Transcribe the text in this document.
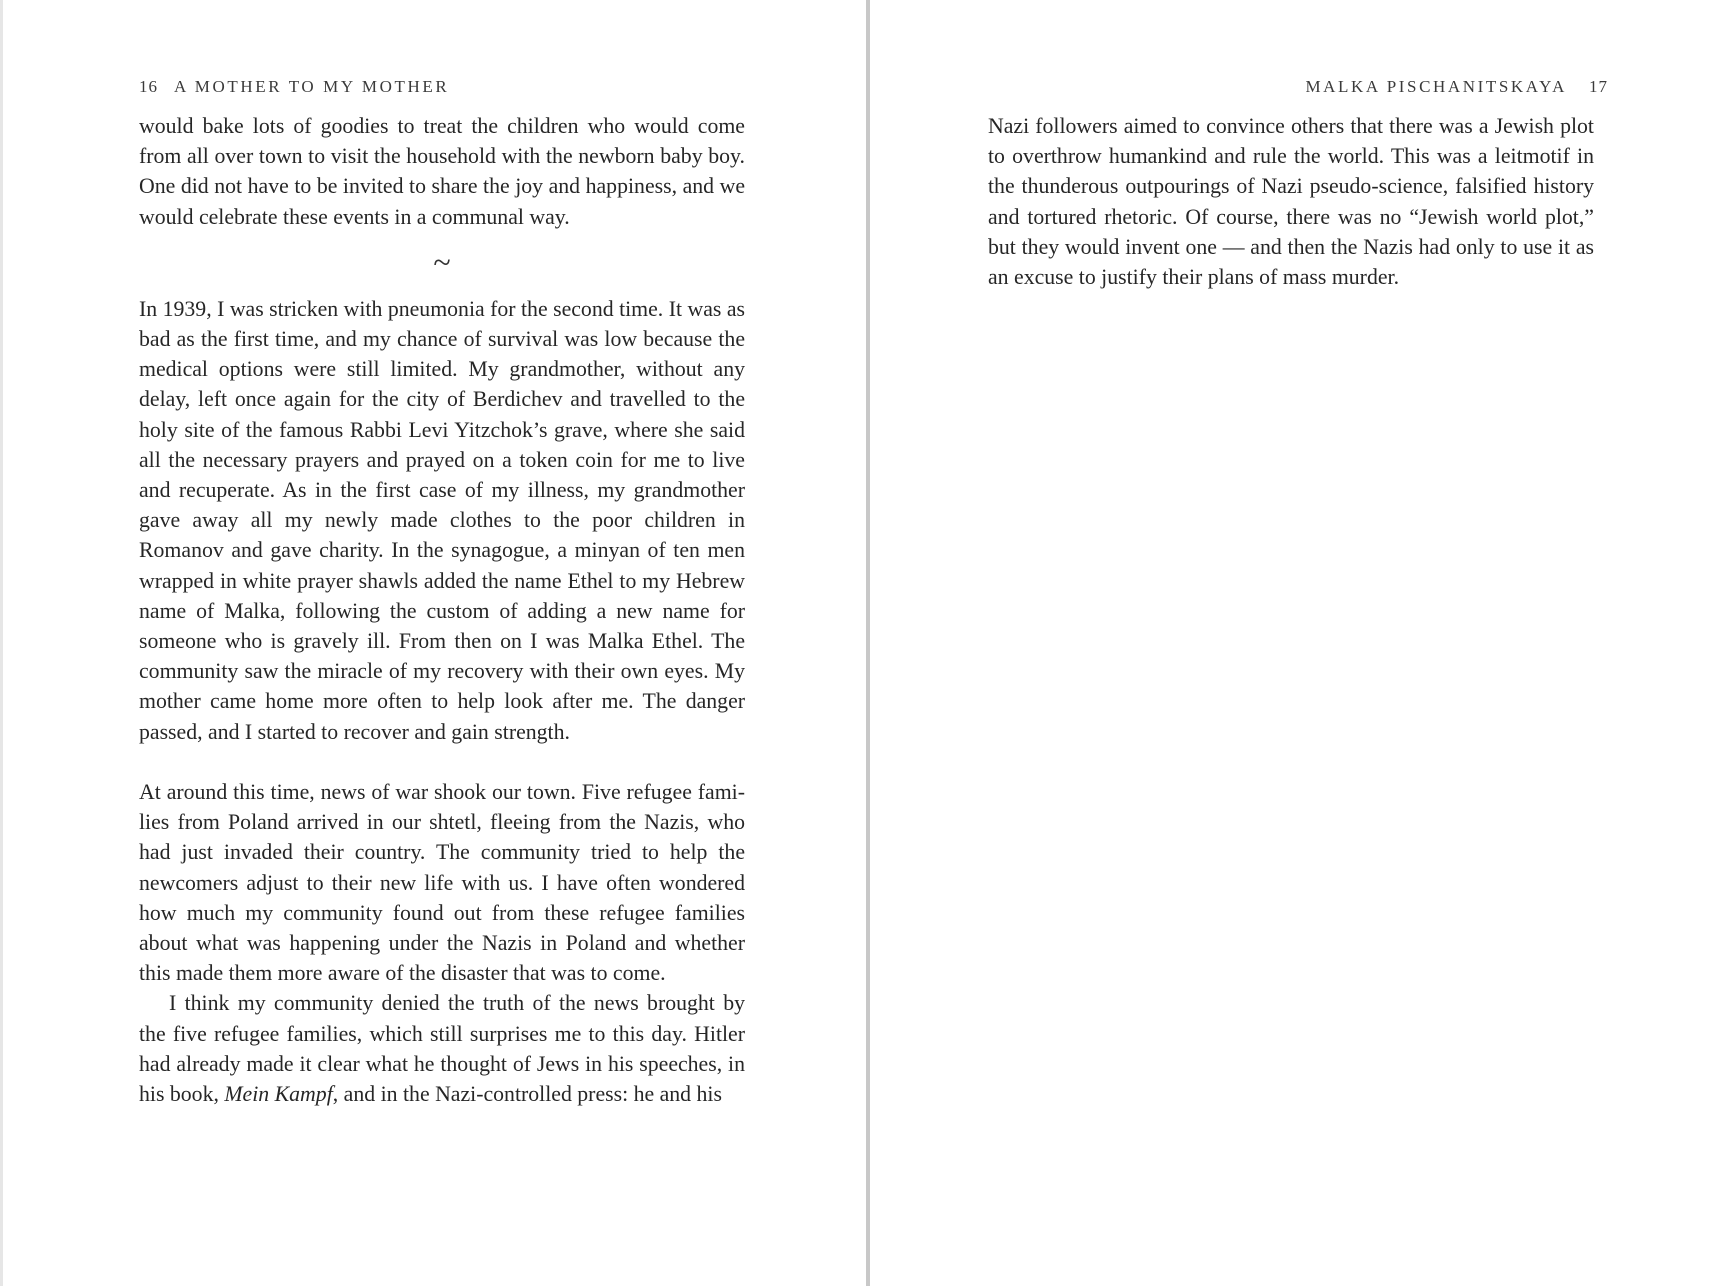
16 A MOTHER TO MY MOTHER

would bake lots of goodies to treat the children who would come from all over town to visit the household with the newborn baby boy. One did not have to be invited to share the joy and happiness, and we would celebrate these events in a communal way.

~

In 1939, I was stricken with pneumonia for the second time. It was as bad as the first time, and my chance of survival was low because the medical options were still limited. My grandmother, without any delay, left once again for the city of Berdichev and travelled to the holy site of the famous Rabbi Levi Yitzchok’s grave, where she said all the necessary prayers and prayed on a token coin for me to live and recuperate. As in the first case of my illness, my grandmother gave away all my newly made clothes to the poor children in Romanov and gave charity. In the synagogue, a minyan of ten men wrapped in white prayer shawls added the name Ethel to my Hebrew name of Malka, following the custom of adding a new name for someone who is gravely ill. From then on I was Malka Ethel. The community saw the miracle of my recovery with their own eyes. My mother came home more often to help look after me. The danger passed, and I started to recover and gain strength.

At around this time, news of war shook our town. Five refugee families from Poland arrived in our shtetl, fleeing from the Nazis, who had just invaded their country. The community tried to help the newcomers adjust to their new life with us. I have often wondered how much my community found out from these refugee families about what was happening under the Nazis in Poland and whether this made them more aware of the disaster that was to come.

I think my community denied the truth of the news brought by the five refugee families, which still surprises me to this day. Hitler had already made it clear what he thought of Jews in his speeches, in his book, Mein Kampf, and in the Nazi-controlled press: he and his

MALKA PISCHANITSKAYA 17

Nazi followers aimed to convince others that there was a Jewish plot to overthrow humankind and rule the world. This was a leitmotif in the thunderous outpourings of Nazi pseudo-science, falsified history and tortured rhetoric. Of course, there was no “Jewish world plot,” but they would invent one — and then the Nazis had only to use it as an excuse to justify their plans of mass murder.
